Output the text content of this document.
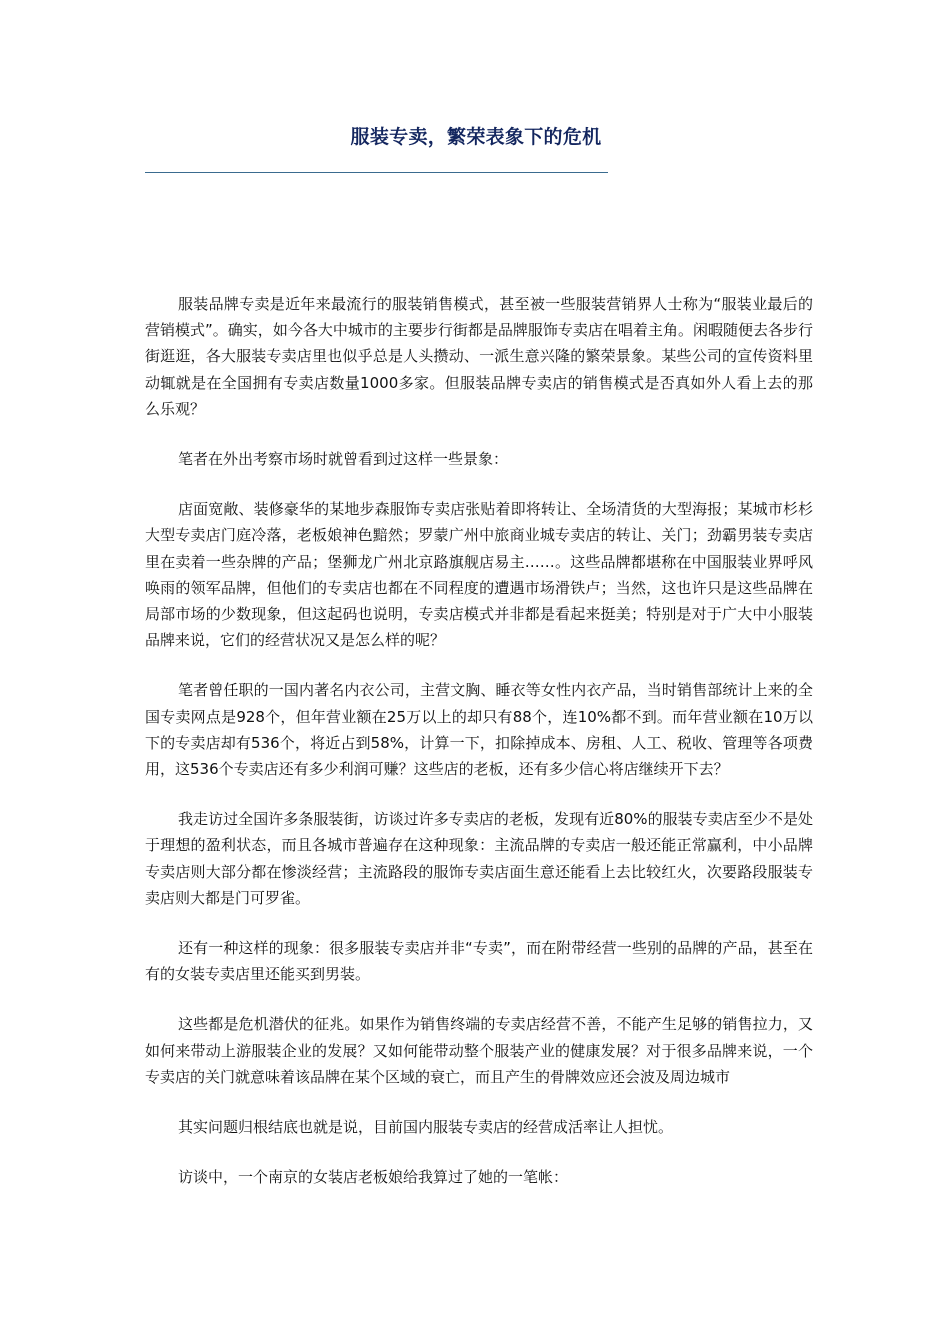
服装专卖，繁荣表象下的危机

服装品牌专卖是近年来最流行的服装销售模式，甚至被一些服装营销界人士称为“服装业最后的营销模式”。确实，如今各大中城市的主要步行街都是品牌服饰专卖店在唱着主角。闲暇随便去各步行街逛逛，各大服装专卖店里也似乎总是人头攒动、一派生意兴隆的繁荣景象。某些公司的宣传资料里动辄就是在全国拥有专卖店数量1000多家。但服装品牌专卖店的销售模式是否真如外人看上去的那么乐观？

笔者在外出考察市场时就曾看到过这样一些景象：

店面宽敞、装修豪华的某地步森服饰专卖店张贴着即将转让、全场清货的大型海报；某城市杉杉大型专卖店门庭冷落，老板娘神色黯然；罗蒙广州中旅商业城专卖店的转让、关门；劲霸男装专卖店里在卖着一些杂牌的产品；堡狮龙广州北京路旗舰店易主……。这些品牌都堪称在中国服装业界呼风唤雨的领军品牌，但他们的专卖店也都在不同程度的遭遇市场滑铁卢；当然，这也许只是这些品牌在局部市场的少数现象，但这起码也说明，专卖店模式并非都是看起来挺美；特别是对于广大中小服装品牌来说，它们的经营状况又是怎么样的呢？

笔者曾任职的一国内著名内衣公司，主营文胸、睡衣等女性内衣产品，当时销售部统计上来的全国专卖网点是928个，但年营业额在25万以上的却只有88个，连10%都不到。而年营业额在10万以下的专卖店却有536个，将近占到58%，计算一下，扣除掉成本、房租、人工、税收、管理等各项费用，这536个专卖店还有多少利润可赚？这些店的老板，还有多少信心将店继续开下去？

我走访过全国许多条服装街，访谈过许多专卖店的老板，发现有近80%的服装专卖店至少不是处于理想的盈利状态，而且各城市普遍存在这种现象：主流品牌的专卖店一般还能正常赢利，中小品牌专卖店则大部分都在惨淡经营；主流路段的服饰专卖店面生意还能看上去比较红火，次要路段服装专卖店则大都是门可罗雀。

还有一种这样的现象：很多服装专卖店并非“专卖”，而在附带经营一些别的品牌的产品，甚至在有的女装专卖店里还能买到男装。

这些都是危机潜伏的征兆。如果作为销售终端的专卖店经营不善，不能产生足够的销售拉力，又如何来带动上游服装企业的发展？又如何能带动整个服装产业的健康发展？对于很多品牌来说，一个专卖店的关门就意味着该品牌在某个区域的衰亡，而且产生的骨牌效应还会波及周边城市

其实问题归根结底也就是说，目前国内服装专卖店的经营成活率让人担忧。

访谈中，一个南京的女装店老板娘给我算过了她的一笔帐：
